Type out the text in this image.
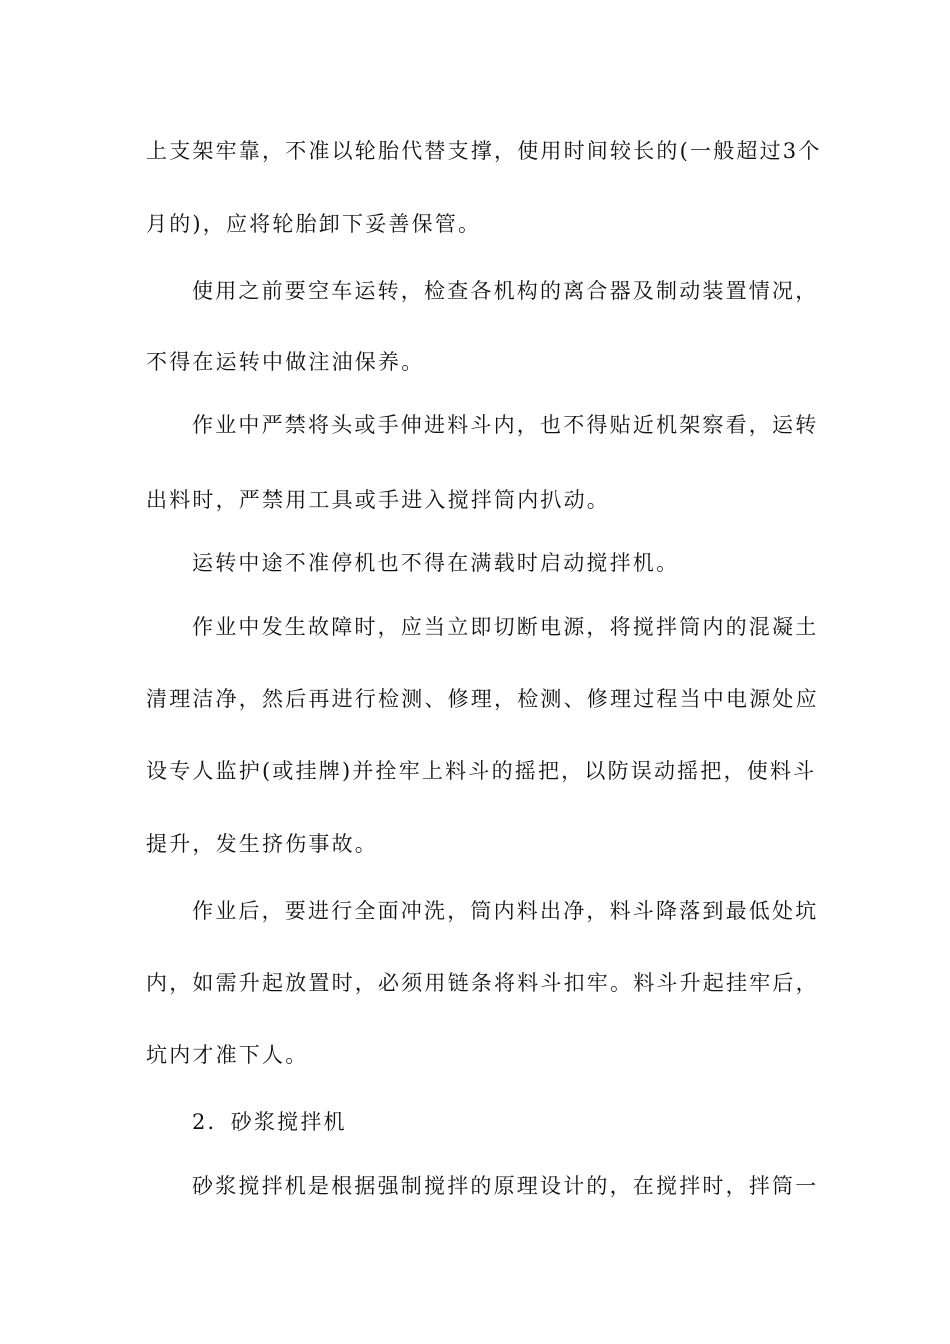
上支架牢靠，不准以轮胎代替支撑，使用时间较长的(一般超过3个
月的)，应将轮胎卸下妥善保管。
使用之前要空车运转，检查各机构的离合器及制动装置情况，
不得在运转中做注油保养。
作业中严禁将头或手伸进料斗内，也不得贴近机架察看，运转
出料时，严禁用工具或手进入搅拌筒内扒动。
运转中途不准停机也不得在满载时启动搅拌机。
作业中发生故障时，应当立即切断电源，将搅拌筒内的混凝土
清理洁净，然后再进行检测、修理，检测、修理过程当中电源处应
设专人监护(或挂牌)并拴牢上料斗的摇把，以防误动摇把，使料斗
提升，发生挤伤事故。
作业后，要进行全面冲洗，筒内料出净，料斗降落到最低处坑
内，如需升起放置时，必须用链条将料斗扣牢。料斗升起挂牢后，
坑内才准下人。
2．砂浆搅拌机
砂浆搅拌机是根据强制搅拌的原理设计的，在搅拌时，拌筒一
